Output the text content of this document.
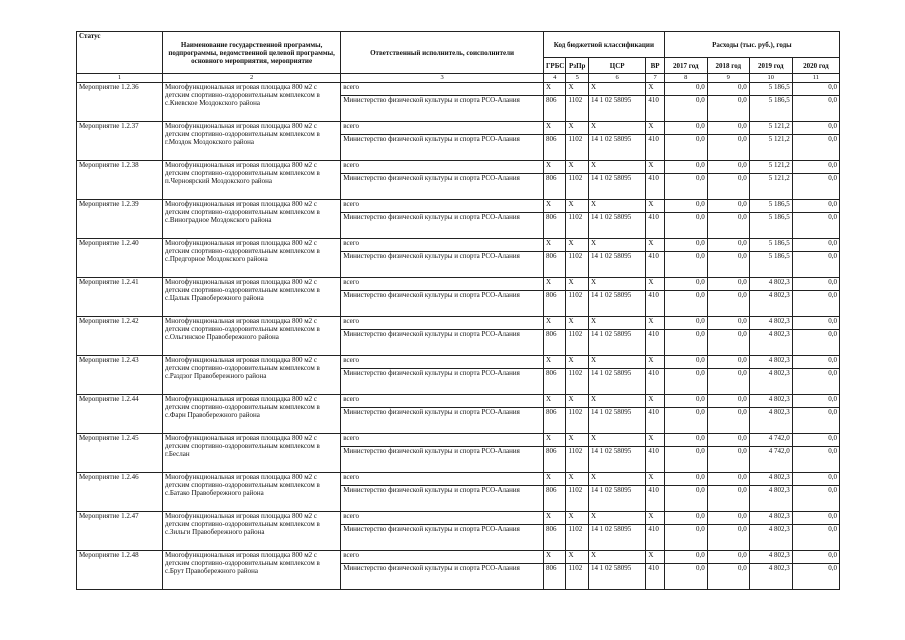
Статус	Наименование государственной программы, подпрограммы, ведомственной целевой программы, основного мероприятия, мероприятие	Ответственный исполнитель, соисполнители	Код бюджетной классификации				Расходы (тыс. руб.), годы			
			ГРБС	РзПр	ЦСР	ВР	2017 год	2018 год	2019 год	2020 год
1	2	3	4	5	6	7	8	9	10	11
Мероприятие 1.2.36	Многофункциональная игровая площадка 800 м2 с детским спортивно-оздоровительным комплексом в с.Киевское Моздокского района	всего	X	X	X	X	0,0	0,0	5 186,5	0,0
		Министерство физической культуры и спорта РСО-Алания	806	1102	14 1 02 58095	410	0,0	0,0	5 186,5	0,0
Мероприятие 1.2.37	Многофункциональная игровая площадка 800 м2 с детским спортивно-оздоровительным комплексом в г.Моздок Моздокского района	всего	X	X	X	X	0,0	0,0	5 121,2	0,0
		Министерство физической культуры и спорта РСО-Алания	806	1102	14 1 02 58095	410	0,0	0,0	5 121,2	0,0
Мероприятие 1.2.38	Многофункциональная игровая площадка 800 м2 с детским спортивно-оздоровительным комплексом в п.Черноярский Моздокского района	всего	X	X	X	X	0,0	0,0	5 121,2	0,0
		Министерство физической культуры и спорта РСО-Алания	806	1102	14 1 02 58095	410	0,0	0,0	5 121,2	0,0
Мероприятие 1.2.39	Многофункциональная игровая площадка 800 м2 с детским спортивно-оздоровительным комплексом в с.Виноградное Моздокского района	всего	X	X	X	X	0,0	0,0	5 186,5	0,0
		Министерство физической культуры и спорта РСО-Алания	806	1102	14 1 02 58095	410	0,0	0,0	5 186,5	0,0
Мероприятие 1.2.40	Многофункциональная игровая площадка 800 м2 с детским спортивно-оздоровительным комплексом в с.Предгорное Моздокского района	всего	X	X	X	X	0,0	0,0	5 186,5	0,0
		Министерство физической культуры и спорта РСО-Алания	806	1102	14 1 02 58095	410	0,0	0,0	5 186,5	0,0
Мероприятие 1.2.41	Многофункциональная игровая площадка 800 м2 с детским спортивно-оздоровительным комплексом в с.Цалык Правобережного района	всего	X	X	X	X	0,0	0,0	4 802,3	0,0
		Министерство физической культуры и спорта РСО-Алания	806	1102	14 1 02 58095	410	0,0	0,0	4 802,3	0,0
Мероприятие 1.2.42	Многофункциональная игровая площадка 800 м2 с детским спортивно-оздоровительным комплексом в с.Ольгинское Правобережного района	всего	X	X	X	X	0,0	0,0	4 802,3	0,0
		Министерство физической культуры и спорта РСО-Алания	806	1102	14 1 02 58095	410	0,0	0,0	4 802,3	0,0
Мероприятие 1.2.43	Многофункциональная игровая площадка 800 м2 с детским спортивно-оздоровительным комплексом в с.Раздзог Правобережного района	всего	X	X	X	X	0,0	0,0	4 802,3	0,0
		Министерство физической культуры и спорта РСО-Алания	806	1102	14 1 02 58095	410	0,0	0,0	4 802,3	0,0
Мероприятие 1.2.44	Многофункциональная игровая площадка 800 м2 с детским спортивно-оздоровительным комплексом в с.Фарн Правобережного района	всего	X	X	X	X	0,0	0,0	4 802,3	0,0
		Министерство физической культуры и спорта РСО-Алания	806	1102	14 1 02 58095	410	0,0	0,0	4 802,3	0,0
Мероприятие 1.2.45	Многофункциональная игровая площадка 800 м2 с детским спортивно-оздоровительным комплексом в г.Беслан	всего	X	X	X	X	0,0	0,0	4 742,0	0,0
		Министерство физической культуры и спорта РСО-Алания	806	1102	14 1 02 58095	410	0,0	0,0	4 742,0	0,0
Мероприятие 1.2.46	Многофункциональная игровая площадка 800 м2 с детским спортивно-оздоровительным комплексом в с.Батако Правобережного района	всего	X	X	X	X	0,0	0,0	4 802,3	0,0
		Министерство физической культуры и спорта РСО-Алания	806	1102	14 1 02 58095	410	0,0	0,0	4 802,3	0,0
Мероприятие 1.2.47	Многофункциональная игровая площадка 800 м2 с детским спортивно-оздоровительным комплексом в с.Зильги Правобережного района	всего	X	X	X	X	0,0	0,0	4 802,3	0,0
		Министерство физической культуры и спорта РСО-Алания	806	1102	14 1 02 58095	410	0,0	0,0	4 802,3	0,0
Мероприятие 1.2.48	Многофункциональная игровая площадка 800 м2 с детским спортивно-оздоровительным комплексом в с.Брут Правобережного района	всего	X	X	X	X	0,0	0,0	4 802,3	0,0
		Министерство физической культуры и спорта РСО-Алания	806	1102	14 1 02 58095	410	0,0	0,0	4 802,3	0,0
